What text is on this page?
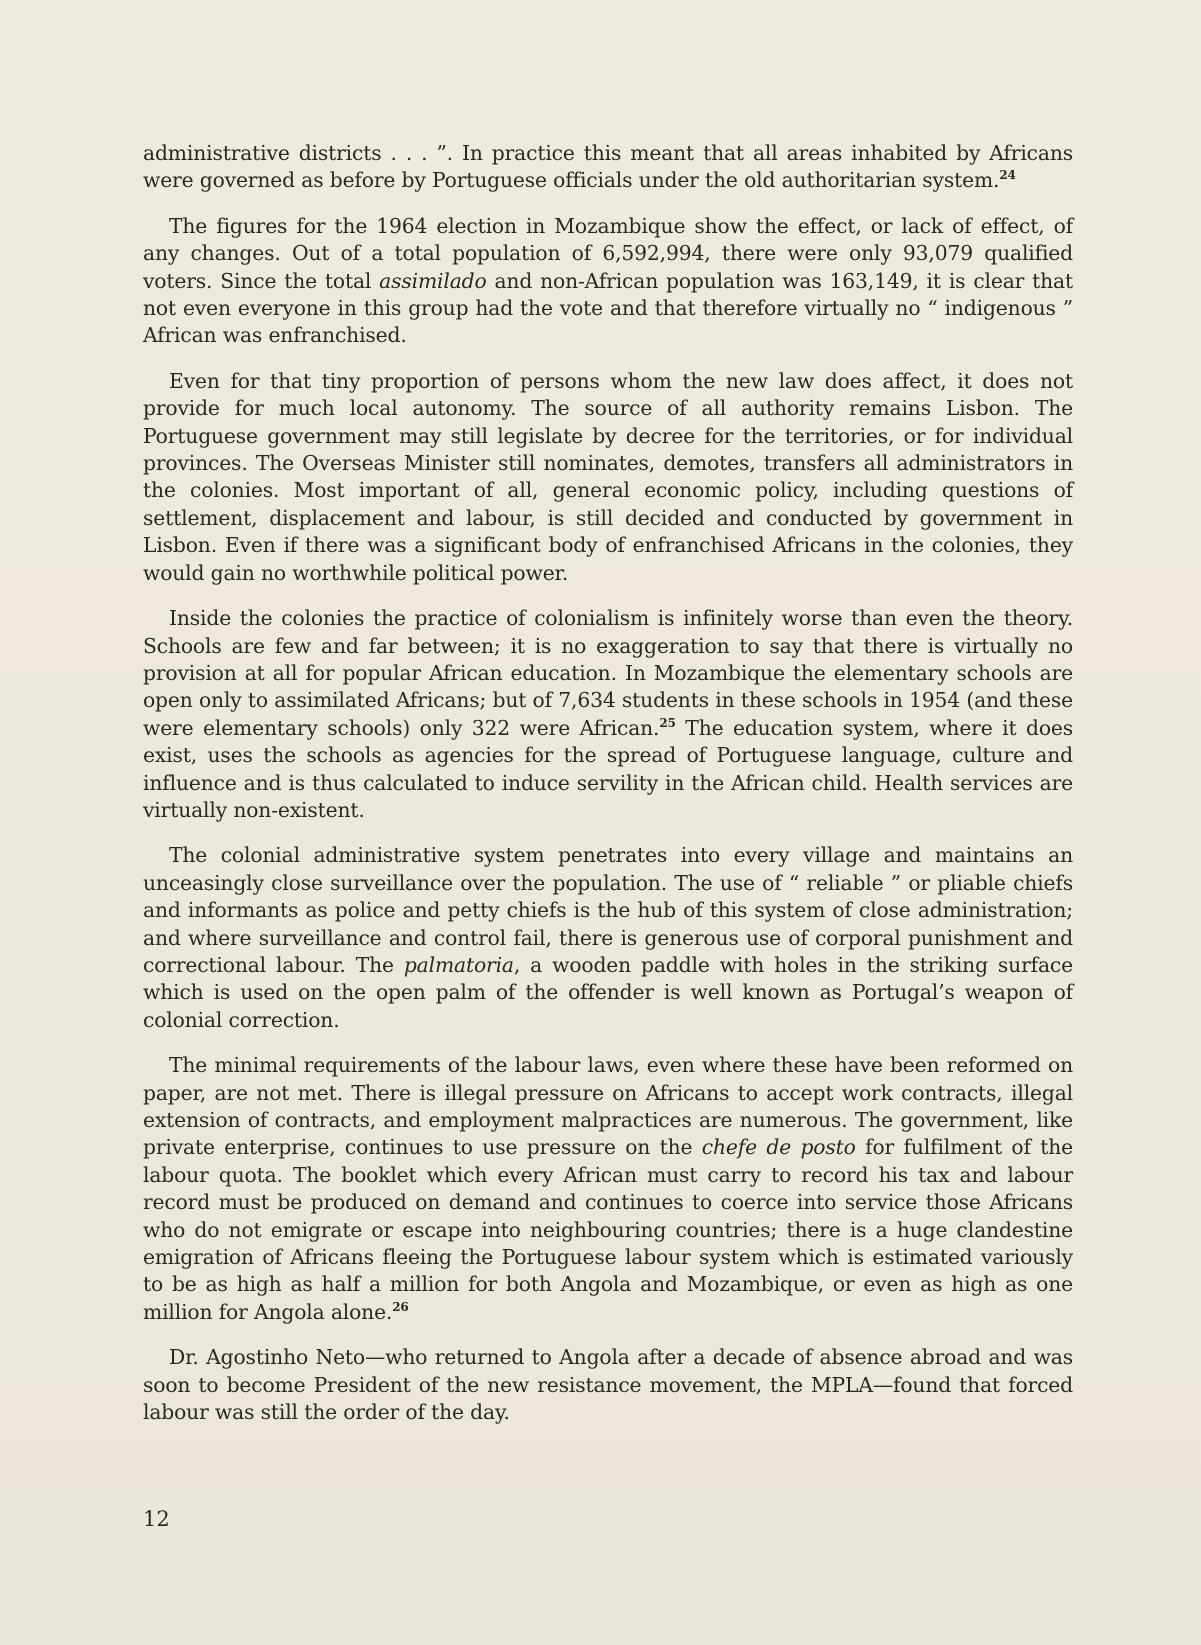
administrative districts . . . ”. In practice this meant that all areas inhabited by Africans were governed as before by Portuguese officials under the old authoritarian system.$^{24}$

The figures for the 1964 election in Mozambique show the effect, or lack of effect, of any changes. Out of a total population of 6,592,994, there were only 93,079 qualified voters. Since the total assimilado and non-African population was 163,149, it is clear that not even everyone in this group had the vote and that therefore virtually no “ indigenous ” African was enfranchised.

Even for that tiny proportion of persons whom the new law does affect, it does not provide for much local autonomy. The source of all authority remains Lisbon. The Portuguese government may still legislate by decree for the territories, or for individual provinces. The Overseas Minister still nominates, demotes, transfers all administrators in the colonies. Most important of all, general economic policy, including questions of settlement, displacement and labour, is still decided and conducted by government in Lisbon. Even if there was a significant body of enfranchised Africans in the colonies, they would gain no worthwhile political power.

Inside the colonies the practice of colonialism is infinitely worse than even the theory. Schools are few and far between; it is no exaggeration to say that there is virtually no provision at all for popular African education. In Mozambique the elementary schools are open only to assimilated Africans; but of 7,634 students in these schools in 1954 (and these were elementary schools) only 322 were African.$^{25}$ The education system, where it does exist, uses the schools as agencies for the spread of Portuguese language, culture and influence and is thus calculated to induce servility in the African child. Health services are virtually non-existent.

The colonial administrative system penetrates into every village and maintains an unceasingly close surveillance over the population. The use of “ reliable ” or pliable chiefs and informants as police and petty chiefs is the hub of this system of close administration; and where surveillance and control fail, there is generous use of corporal punishment and correctional labour. The palmatoria, a wooden paddle with holes in the striking surface which is used on the open palm of the offender is well known as Portugal’s weapon of colonial correction.

The minimal requirements of the labour laws, even where these have been reformed on paper, are not met. There is illegal pressure on Africans to accept work contracts, illegal extension of contracts, and employment malpractices are numerous. The government, like private enterprise, continues to use pressure on the chefe de posto for fulfilment of the labour quota. The booklet which every African must carry to record his tax and labour record must be produced on demand and continues to coerce into service those Africans who do not emigrate or escape into neighbouring countries; there is a huge clandestine emigration of Africans fleeing the Portuguese labour system which is estimated variously to be as high as half a million for both Angola and Mozambique, or even as high as one million for Angola alone.$^{26}$

Dr. Agostinho Neto—who returned to Angola after a decade of absence abroad and was soon to become President of the new resistance movement, the MPLA—found that forced labour was still the order of the day.

12
